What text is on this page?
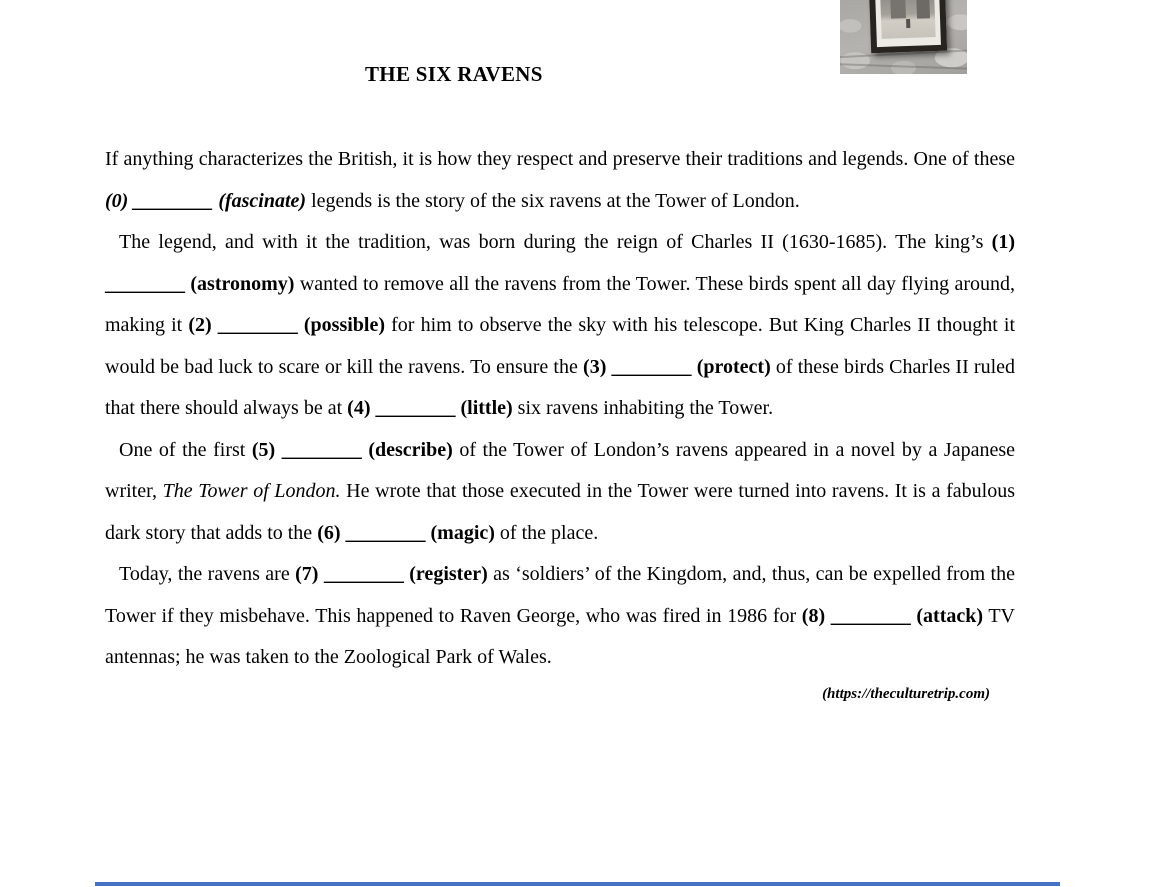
THE SIX RAVENS

If anything characterizes the British, it is how they respect and preserve their traditions and legends. One of these (0) ________ (fascinate) legends is the story of the six ravens at the Tower of London.

The legend, and with it the tradition, was born during the reign of Charles II (1630-1685). The king’s (1) ________ (astronomy) wanted to remove all the ravens from the Tower. These birds spent all day flying around, making it (2) ________ (possible) for him to observe the sky with his telescope. But King Charles II thought it would be bad luck to scare or kill the ravens. To ensure the (3) ________ (protect) of these birds Charles II ruled that there should always be at (4) ________ (little) six ravens inhabiting the Tower.

One of the first (5) ________ (describe) of the Tower of London’s ravens appeared in a novel by a Japanese writer, The Tower of London. He wrote that those executed in the Tower were turned into ravens. It is a fabulous dark story that adds to the (6) ________ (magic) of the place.

Today, the ravens are (7) ________ (register) as ‘soldiers’ of the Kingdom, and, thus, can be expelled from the Tower if they misbehave. This happened to Raven George, who was fired in 1986 for (8) ________ (attack) TV antennas; he was taken to the Zoological Park of Wales.

(https://theculturetrip.com)
